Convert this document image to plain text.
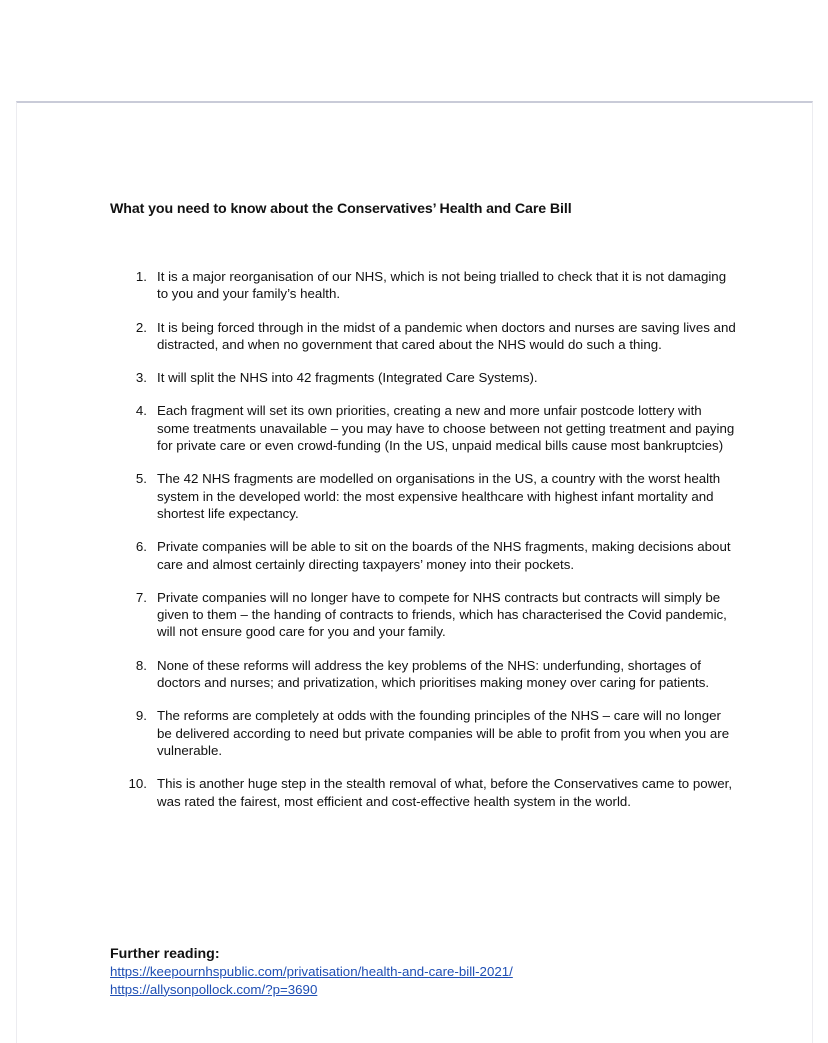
What you need to know about the Conservatives’ Health and Care Bill
1. It is a major reorganisation of our NHS, which is not being trialled to check that it is not damaging to you and your family’s health.
2. It is being forced through in the midst of a pandemic when doctors and nurses are saving lives and distracted, and when no government that cared about the NHS would do such a thing.
3. It will split the NHS into 42 fragments (Integrated Care Systems).
4. Each fragment will set its own priorities, creating a new and more unfair postcode lottery with some treatments unavailable – you may have to choose between not getting treatment and paying for private care or even crowd-funding (In the US, unpaid medical bills cause most bankruptcies)
5. The 42 NHS fragments are modelled on organisations in the US, a country with the worst health system in the developed world: the most expensive healthcare with highest infant mortality and shortest life expectancy.
6. Private companies will be able to sit on the boards of the NHS fragments, making decisions about care and almost certainly directing taxpayers’ money into their pockets.
7. Private companies will no longer have to compete for NHS contracts but contracts will simply be given to them – the handing of contracts to friends, which has characterised the Covid pandemic, will not ensure good care for you and your family.
8. None of these reforms will address the key problems of the NHS: underfunding, shortages of doctors and nurses; and privatization, which prioritises making money over caring for patients.
9. The reforms are completely at odds with the founding principles of the NHS – care will no longer be delivered according to need but private companies will be able to profit from you when you are vulnerable.
10. This is another huge step in the stealth removal of what, before the Conservatives came to power, was rated the fairest, most efficient and cost-effective health system in the world.
Further reading:
https://keepournhspublic.com/privatisation/health-and-care-bill-2021/
https://allysonpollock.com/?p=3690
